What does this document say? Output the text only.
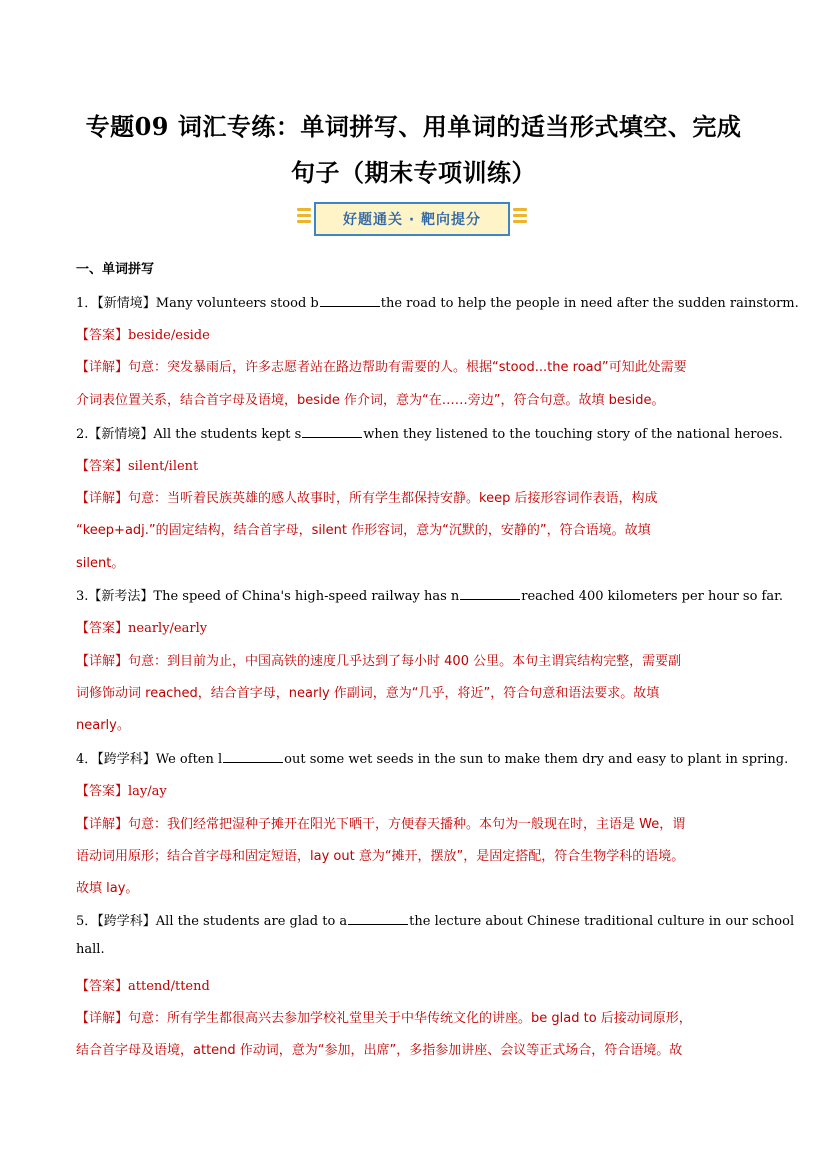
专题09 词汇专练：单词拼写、用单词的适当形式填空、完成
句子（期末专项训练）
好题通关 · 靶向提分
一、单词拼写
1．【新情境】Many volunteers stood b	the road to help the people in need after the sudden rainstorm.
【答案】beside/eside
【详解】句意：突发暴雨后，许多志愿者站在路边帮助有需要的人。根据“stood...the road”可知此处需要
介词表位置关系，结合首字母及语境，beside 作介词，意为“在……旁边”，符合句意。故填 beside。
2.【新情境】All the students kept s	when they listened to the touching story of the national heroes.
【答案】silent/ilent
【详解】句意：当听着民族英雄的感人故事时，所有学生都保持安静。keep 后接形容词作表语，构成
“keep+adj.”的固定结构，结合首字母，silent 作形容词，意为“沉默的，安静的”，符合语境。故填
silent。
3.【新考法】The speed of China's high-speed railway has n	reached 400 kilometers per hour so far.
【答案】nearly/early
【详解】句意：到目前为止，中国高铁的速度几乎达到了每小时 400 公里。本句主谓宾结构完整，需要副
词修饰动词 reached，结合首字母，nearly 作副词，意为“几乎，将近”，符合句意和语法要求。故填
nearly。
4．【跨学科】We often l	out some wet seeds in the sun to make them dry and easy to plant in spring.
【答案】lay/ay
【详解】句意：我们经常把湿种子摊开在阳光下晒干，方便春天播种。本句为一般现在时，主语是 We，谓
语动词用原形；结合首字母和固定短语，lay out 意为“摊开，摆放”，是固定搭配，符合生物学科的语境。
故填 lay。
5．【跨学科】All the students are glad to a	the lecture about Chinese traditional culture in our school
hall.
【答案】attend/ttend
【详解】句意：所有学生都很高兴去参加学校礼堂里关于中华传统文化的讲座。be glad to 后接动词原形，
结合首字母及语境，attend 作动词，意为“参加，出席”，多指参加讲座、会议等正式场合，符合语境。故
